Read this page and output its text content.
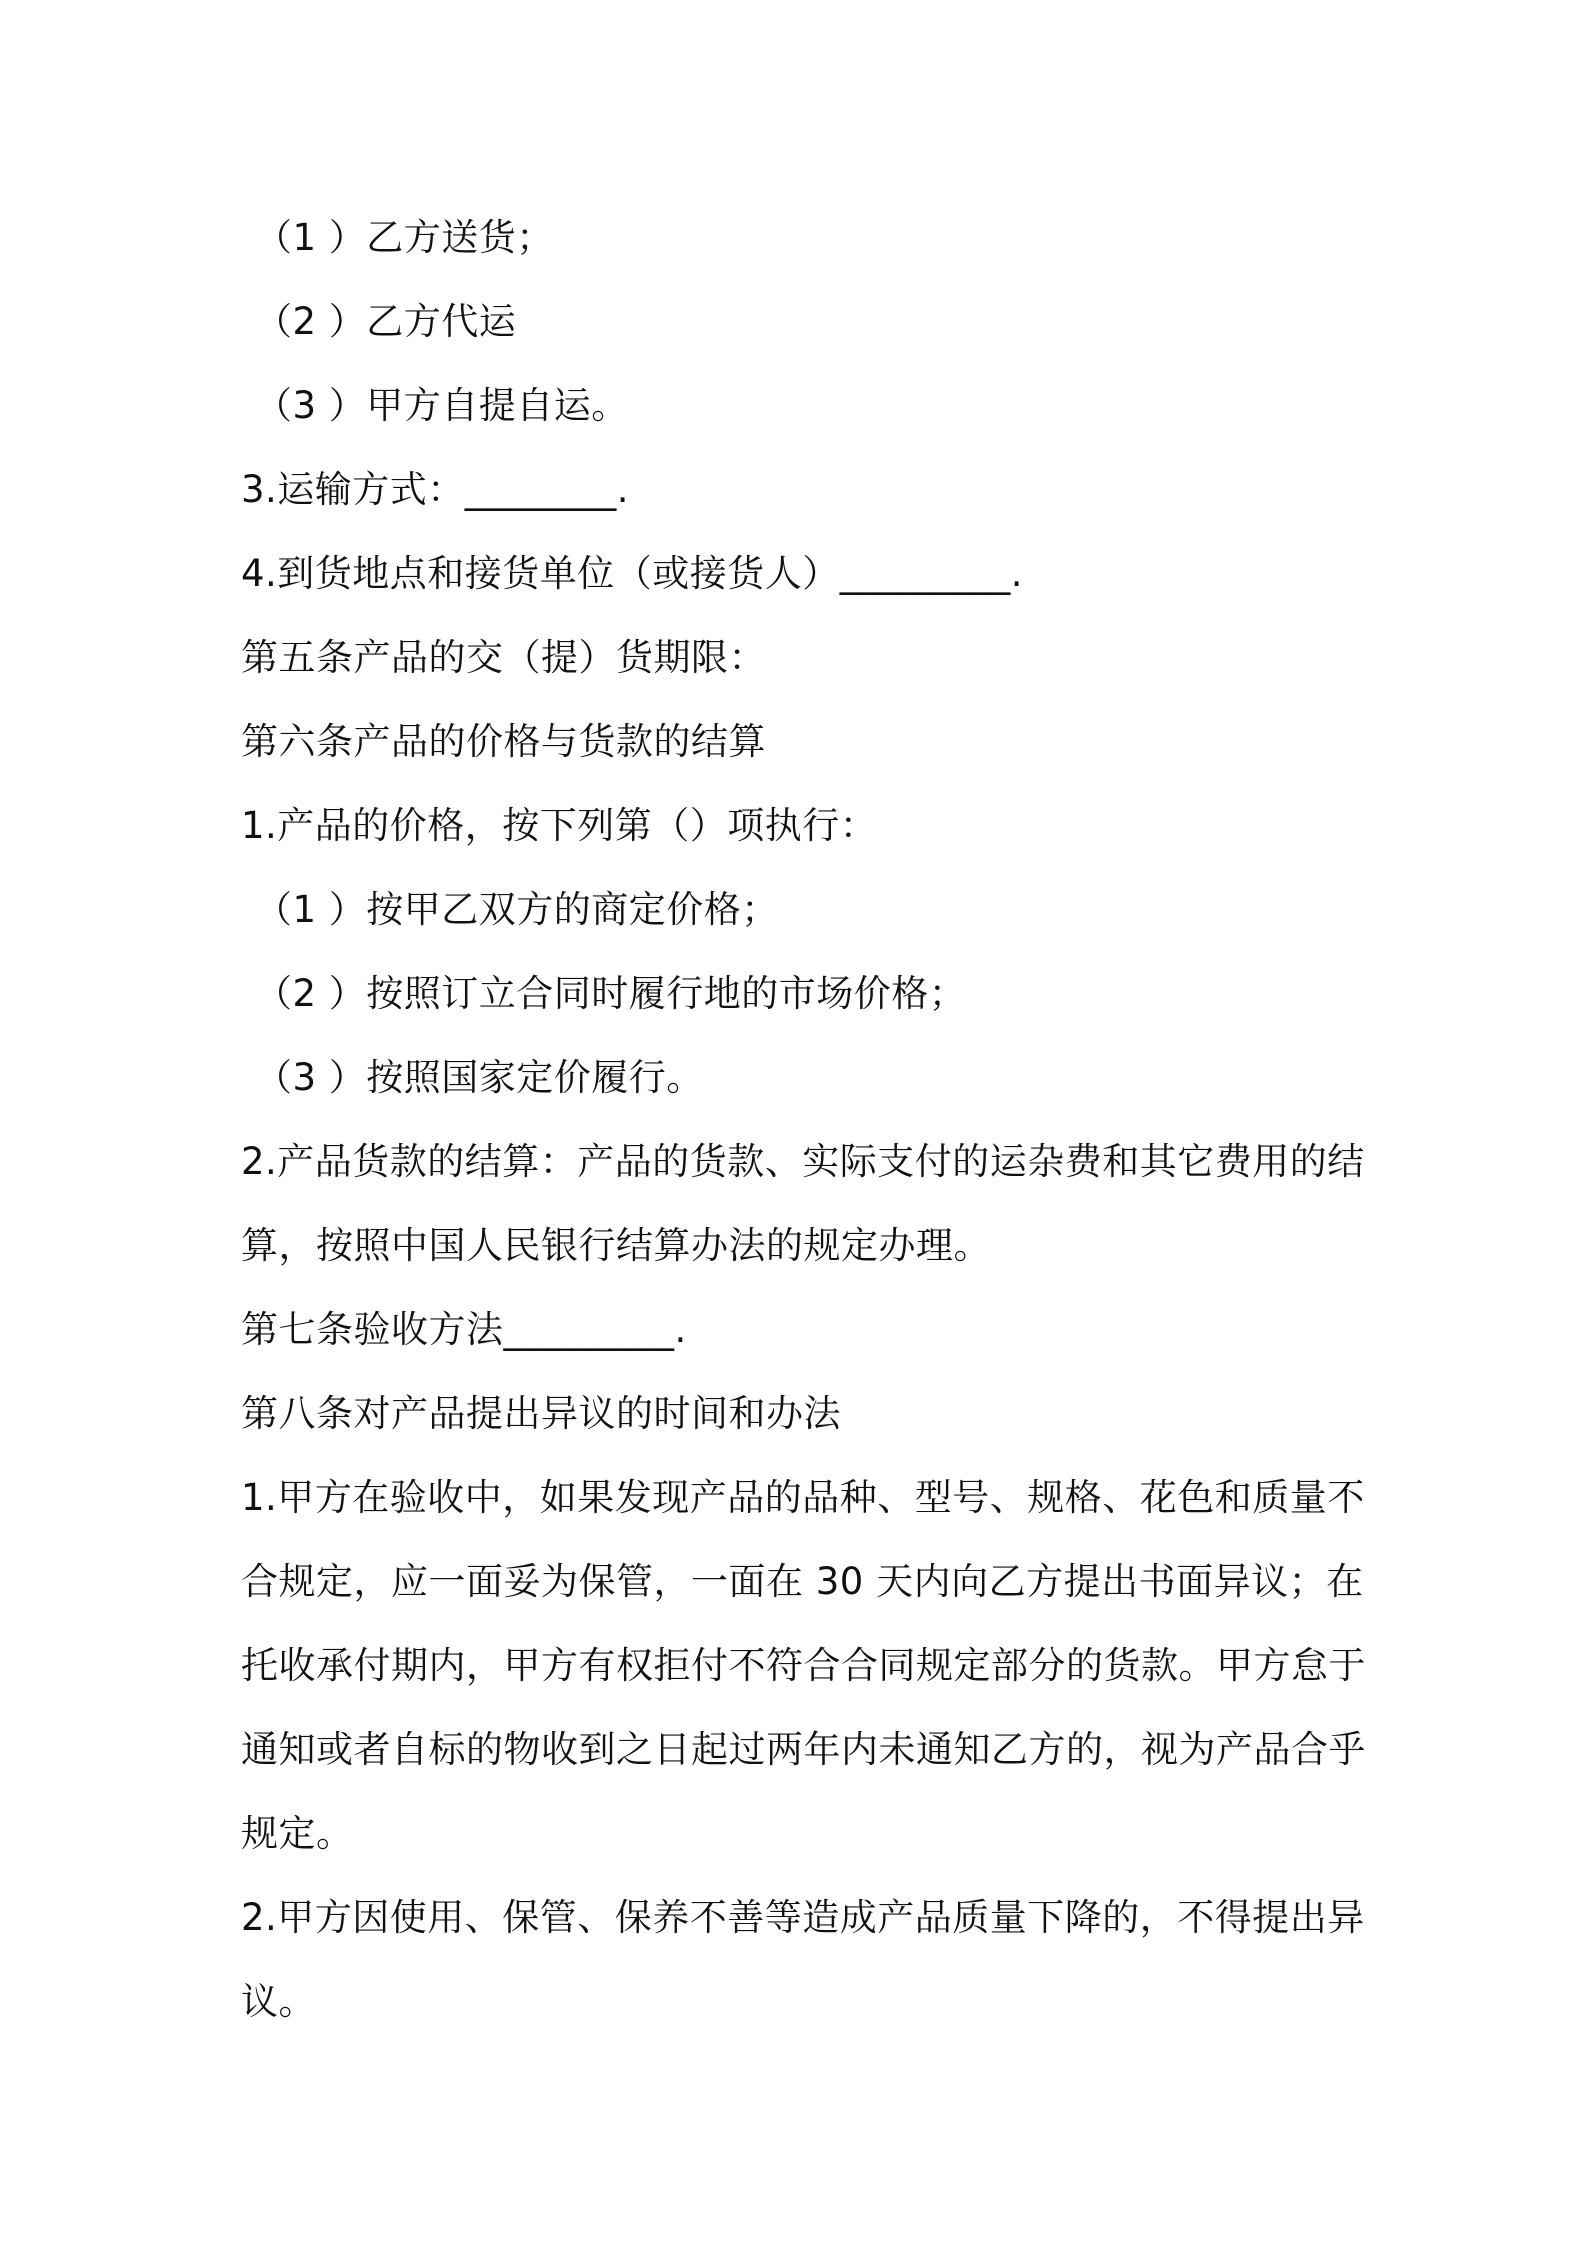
（1 ）乙方送货；
（2 ）乙方代运
（3 ）甲方自提自运。
3.运输方式：________.
4.到货地点和接货单位（或接货人）_________.
第五条产品的交（提）货期限：
第六条产品的价格与货款的结算
1.产品的价格，按下列第（）项执行：
（1 ）按甲乙双方的商定价格；
（2 ）按照订立合同时履行地的市场价格；
（3 ）按照国家定价履行。
2.产品货款的结算：产品的货款、实际支付的运杂费和其它费用的结
算，按照中国人民银行结算办法的规定办理。
第七条验收方法_________.
第八条对产品提出异议的时间和办法
1.甲方在验收中，如果发现产品的品种、型号、规格、花色和质量不
合规定，应一面妥为保管，一面在 30 天内向乙方提出书面异议；在
托收承付期内，甲方有权拒付不符合合同规定部分的货款。甲方怠于
通知或者自标的物收到之日起过两年内未通知乙方的，视为产品合乎
规定。
2.甲方因使用、保管、保养不善等造成产品质量下降的，不得提出异
议。
